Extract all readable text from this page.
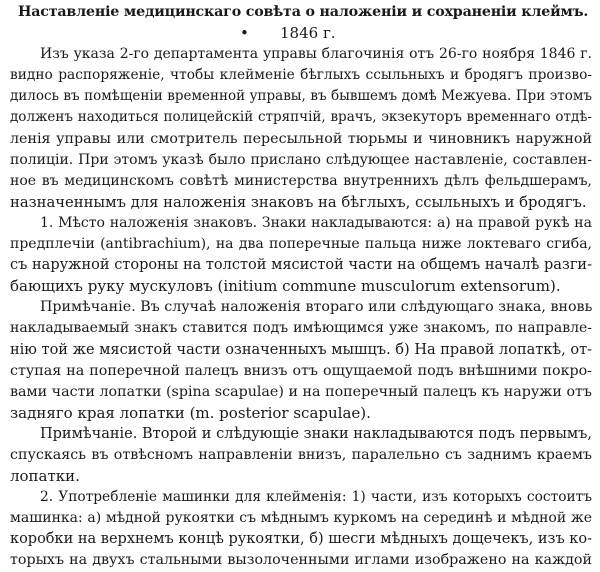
Наставленіе медицинскаго совѣта о наложеніи и сохраненіи клеймъ.

• 1846 г.

Изъ указа 2-го департамента управы благочинія отъ 26-го ноября 1846 г.
видно распоряженіе, чтобы клейменіе бѣглыхъ ссыльныхъ и бродягъ произво-
дилось въ помѣщеніи временной управы, въ бывшемъ домѣ Межуева. При этомъ
долженъ находиться полицейскій стряпчій, врачъ, экзекуторъ временнаго отдѣ-
ленія управы или смотритель пересыльной тюрьмы и чиновникъ наружной
полиціи. При этомъ указѣ было прислано слѣдующее наставленіе, составлен-
ное въ медицинскомъ совѣтѣ министерства внутреннихъ дѣлъ фельдшерамъ,
назначеннымъ для наложенія знаковъ на бѣглыхъ, ссыльныхъ и бродягъ.
1. Мѣсто наложенія знаковъ. Знаки накладываются: а) на правой рукѣ на
предплечіи (antibrachium), на два поперечные пальца ниже локтеваго сгиба,
съ наружной стороны на толстой мясистой части на общемъ началѣ разги-
бающихъ руку мускуловъ (initium commune musculorum extensorum).
Примѣчаніе. Въ случаѣ наложенія втораго или слѣдующаго знака, вновь
накладываемый знакъ ставится подъ имѣющимся уже знакомъ, по направле-
нію той же мясистой части означенныхъ мышцъ. б) На правой лопаткѣ, от-
ступая на поперечной палецъ внизъ отъ ощущаемой подъ внѣшними покро-
вами части лопатки (spina scapulae) и на поперечный палецъ къ наружи отъ
задняго края лопатки (m. posterior scapulae).
Примѣчаніе. Второй и слѣдующіе знаки накладываются подъ первымъ,
спускаясь въ отвѣсномъ направленіи внизъ, паралельно съ заднимъ краемъ
лопатки.
2. Употребленіе машинки для клейменія: 1) части, изъ которыхъ состоитъ
машинка: а) мѣдной рукоятки съ мѣднымъ куркомъ на серединѣ и мѣдной же
коробки на верхнемъ концѣ рукоятки, б) шесги мѣдныхъ дощечекъ, изъ ко-
торыхъ на двухъ стальными вызолоченными иглами изображено на каждой
